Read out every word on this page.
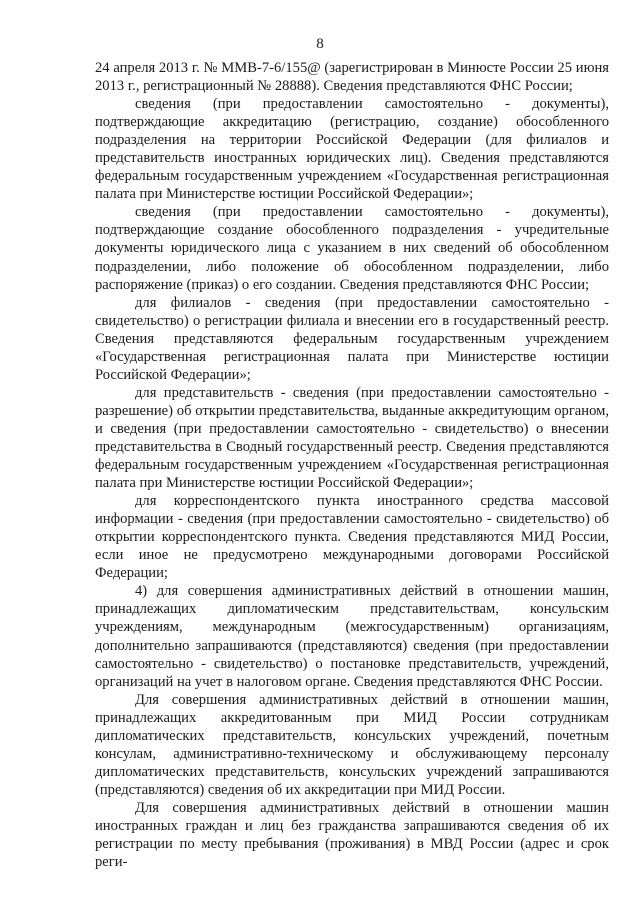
8

24 апреля 2013 г. № ММВ-7-6/155@ (зарегистрирован в Минюсте России 25 июня 2013 г., регистрационный № 28888). Сведения представляются ФНС России;

сведения (при предоставлении самостоятельно - документы), подтверждающие аккредитацию (регистрацию, создание) обособленного подразделения на территории Российской Федерации (для филиалов и представительств иностранных юридических лиц). Сведения представляются федеральным государственным учреждением «Государственная регистрационная палата при Министерстве юстиции Российской Федерации»;

сведения (при предоставлении самостоятельно - документы), подтверждающие создание обособленного подразделения - учредительные документы юридического лица с указанием в них сведений об обособленном подразделении, либо положение об обособленном подразделении, либо распоряжение (приказ) о его создании. Сведения представляются ФНС России;

для филиалов - сведения (при предоставлении самостоятельно - свидетельство) о регистрации филиала и внесении его в государственный реестр. Сведения представляются федеральным государственным учреждением «Государственная регистрационная палата при Министерстве юстиции Российской Федерации»;

для представительств - сведения (при предоставлении самостоятельно - разрешение) об открытии представительства, выданные аккредитующим органом, и сведения (при предоставлении самостоятельно - свидетельство) о внесении представительства в Сводный государственный реестр. Сведения представляются федеральным государственным учреждением «Государственная регистрационная палата при Министерстве юстиции Российской Федерации»;

для корреспондентского пункта иностранного средства массовой информации - сведения (при предоставлении самостоятельно - свидетельство) об открытии корреспондентского пункта. Сведения представляются МИД России, если иное не предусмотрено международными договорами Российской Федерации;

4) для совершения административных действий в отношении машин, принадлежащих дипломатическим представительствам, консульским учреждениям, международным (межгосударственным) организациям, дополнительно запрашиваются (представляются) сведения (при предоставлении самостоятельно - свидетельство) о постановке представительств, учреждений, организаций на учет в налоговом органе. Сведения представляются ФНС России.

Для совершения административных действий в отношении машин, принадлежащих аккредитованным при МИД России сотрудникам дипломатических представительств, консульских учреждений, почетным консулам, административно-техническому и обслуживающему персоналу дипломатических представительств, консульских учреждений запрашиваются (представляются) сведения об их аккредитации при МИД России.

Для совершения административных действий в отношении машин иностранных граждан и лиц без гражданства запрашиваются сведения об их регистрации по месту пребывания (проживания) в МВД России (адрес и срок реги-
